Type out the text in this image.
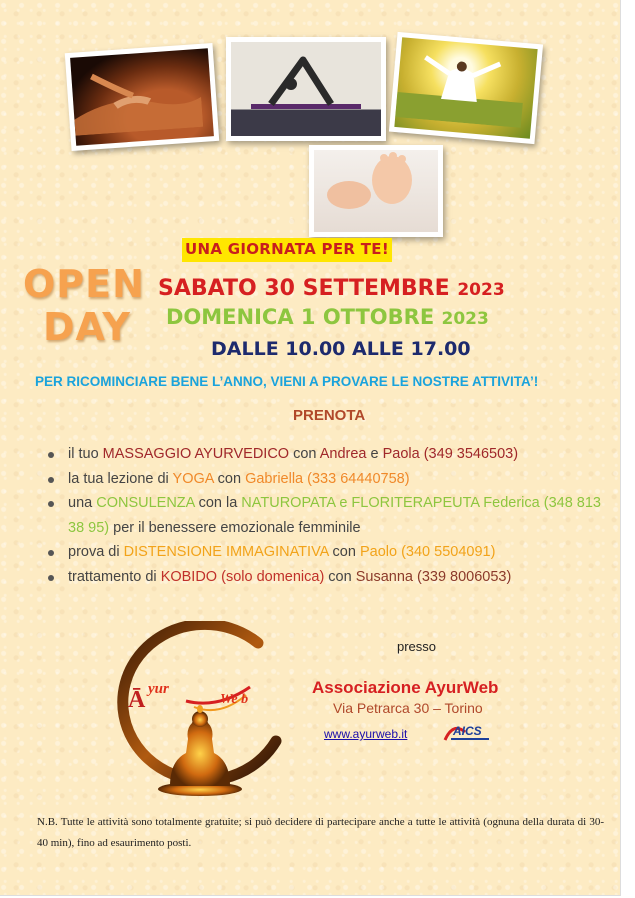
UNA GIORNATA PER TE!
OPEN
DAY
SABATO 30 SETTEMBRE 2023
DOMENICA 1 OTTOBRE 2023
DALLE 10.00 ALLE 17.00
PER RICOMINCIARE BENE L’ANNO, VIENI A PROVARE LE NOSTRE ATTIVITA’!
PRENOTA
il tuo MASSAGGIO AYURVEDICO con Andrea e Paola (349 3546503)
la tua lezione di YOGA con Gabriella (333 64440758)
una CONSULENZA con la NATUROPATA e FLORITERAPEUTA Federica (348 813 38 95) per il benessere emozionale femminile
prova di DISTENSIONE IMMAGINATIVA con Paolo (340 5504091)
trattamento di KOBIDO (solo domenica) con Susanna (339 8006053)
Ā yur
We b
presso
Associazione AyurWeb
Via Petrarca 30 – Torino
www.ayurweb.it	AICS
N.B. Tutte le attività sono totalmente gratuite; si può decidere di partecipare anche a tutte le attività (ognuna della durata di 30-40 min), fino ad esaurimento posti.
